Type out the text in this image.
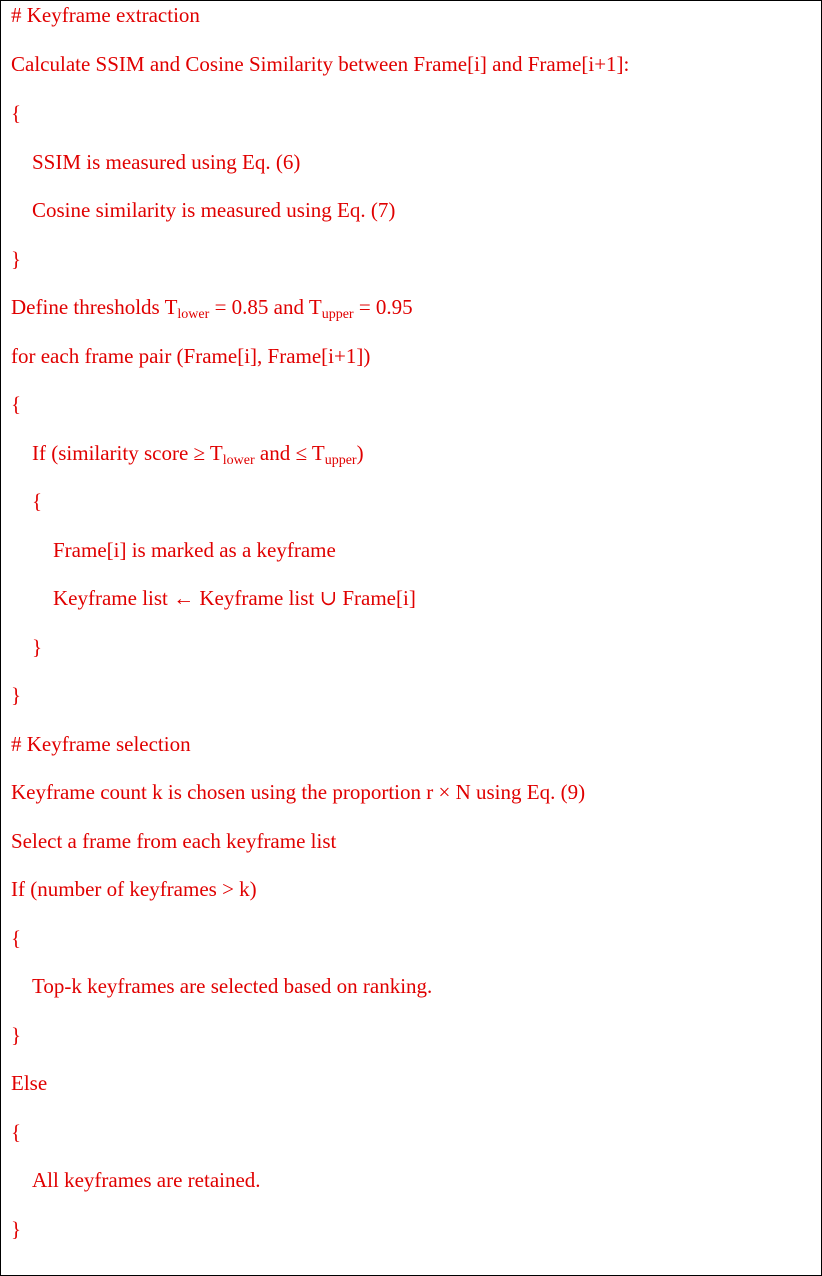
# Keyframe extraction
Calculate SSIM and Cosine Similarity between Frame[i] and Frame[i+1]:
{
SSIM is measured using Eq. (6)
Cosine similarity is measured using Eq. (7)
}
Define thresholds Tlower = 0.85 and Tupper = 0.95
for each frame pair (Frame[i], Frame[i+1])
{
If (similarity score ≥ Tlower and ≤ Tupper)
{
Frame[i] is marked as a keyframe
Keyframe list ← Keyframe list ∪ Frame[i]
}
}
# Keyframe selection
Keyframe count k is chosen using the proportion r × N using Eq. (9)
Select a frame from each keyframe list
If (number of keyframes > k)
{
Top-k keyframes are selected based on ranking.
}
Else
{
All keyframes are retained.
}
